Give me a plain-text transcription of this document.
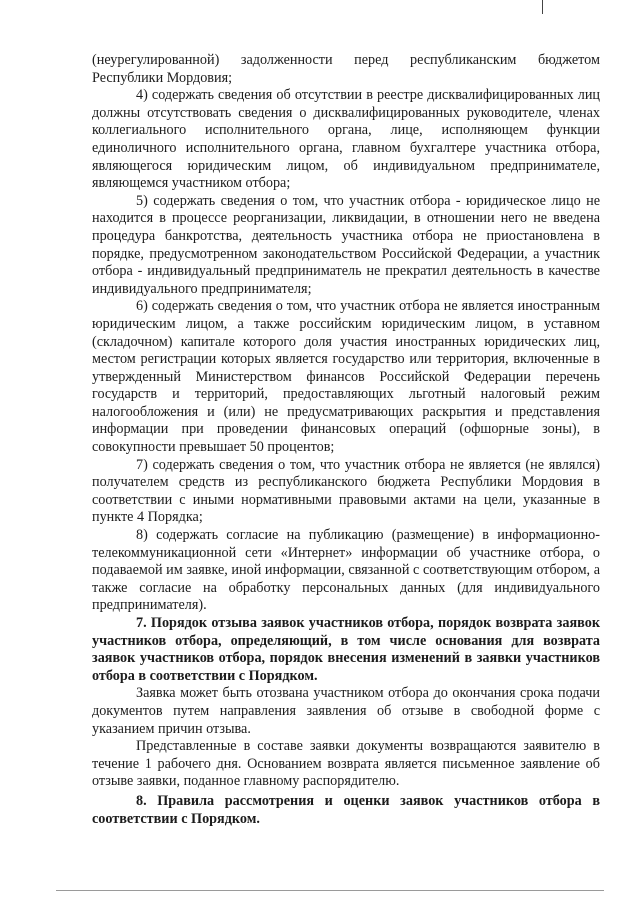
(неурегулированной) задолженности перед республиканским бюджетом Республики Мордовия;

4) содержать сведения об отсутствии в реестре дисквалифицированных лиц должны отсутствовать сведения о дисквалифицированных руководителе, членах коллегиального исполнительного органа, лице, исполняющем функции единоличного исполнительного органа, главном бухгалтере участника отбора, являющегося юридическим лицом, об индивидуальном предпринимателе, являющемся участником отбора;

5) содержать сведения о том, что участник отбора - юридическое лицо не находится в процессе реорганизации, ликвидации, в отношении него не введена процедура банкротства, деятельность участника отбора не приостановлена в порядке, предусмотренном законодательством Российской Федерации, а участник отбора - индивидуальный предприниматель не прекратил деятельность в качестве индивидуального предпринимателя;

6) содержать сведения о том, что участник отбора не является иностранным юридическим лицом, а также российским юридическим лицом, в уставном (складочном) капитале которого доля участия иностранных юридических лиц, местом регистрации которых является государство или территория, включенные в утвержденный Министерством финансов Российской Федерации перечень государств и территорий, предоставляющих льготный налоговый режим налогообложения и (или) не предусматривающих раскрытия и представления информации при проведении финансовых операций (офшорные зоны), в совокупности превышает 50 процентов;

7) содержать сведения о том, что участник отбора не является (не являлся) получателем средств из республиканского бюджета Республики Мордовия в соответствии с иными нормативными правовыми актами на цели, указанные в пункте 4 Порядка;

8) содержать согласие на публикацию (размещение) в информационно-телекоммуникационной сети «Интернет» информации об участнике отбора, о подаваемой им заявке, иной информации, связанной с соответствующим отбором, а также согласие на обработку персональных данных (для индивидуального предпринимателя).

7. Порядок отзыва заявок участников отбора, порядок возврата заявок участников отбора, определяющий, в том числе основания для возврата заявок участников отбора, порядок внесения изменений в заявки участников отбора в соответствии с Порядком.

Заявка может быть отозвана участником отбора до окончания срока подачи документов путем направления заявления об отзыве в свободной форме с указанием причин отзыва.

Представленные в составе заявки документы возвращаются заявителю в течение 1 рабочего дня. Основанием возврата является письменное заявление об отзыве заявки, поданное главному распорядителю.

8. Правила рассмотрения и оценки заявок участников отбора в соответствии с Порядком.
